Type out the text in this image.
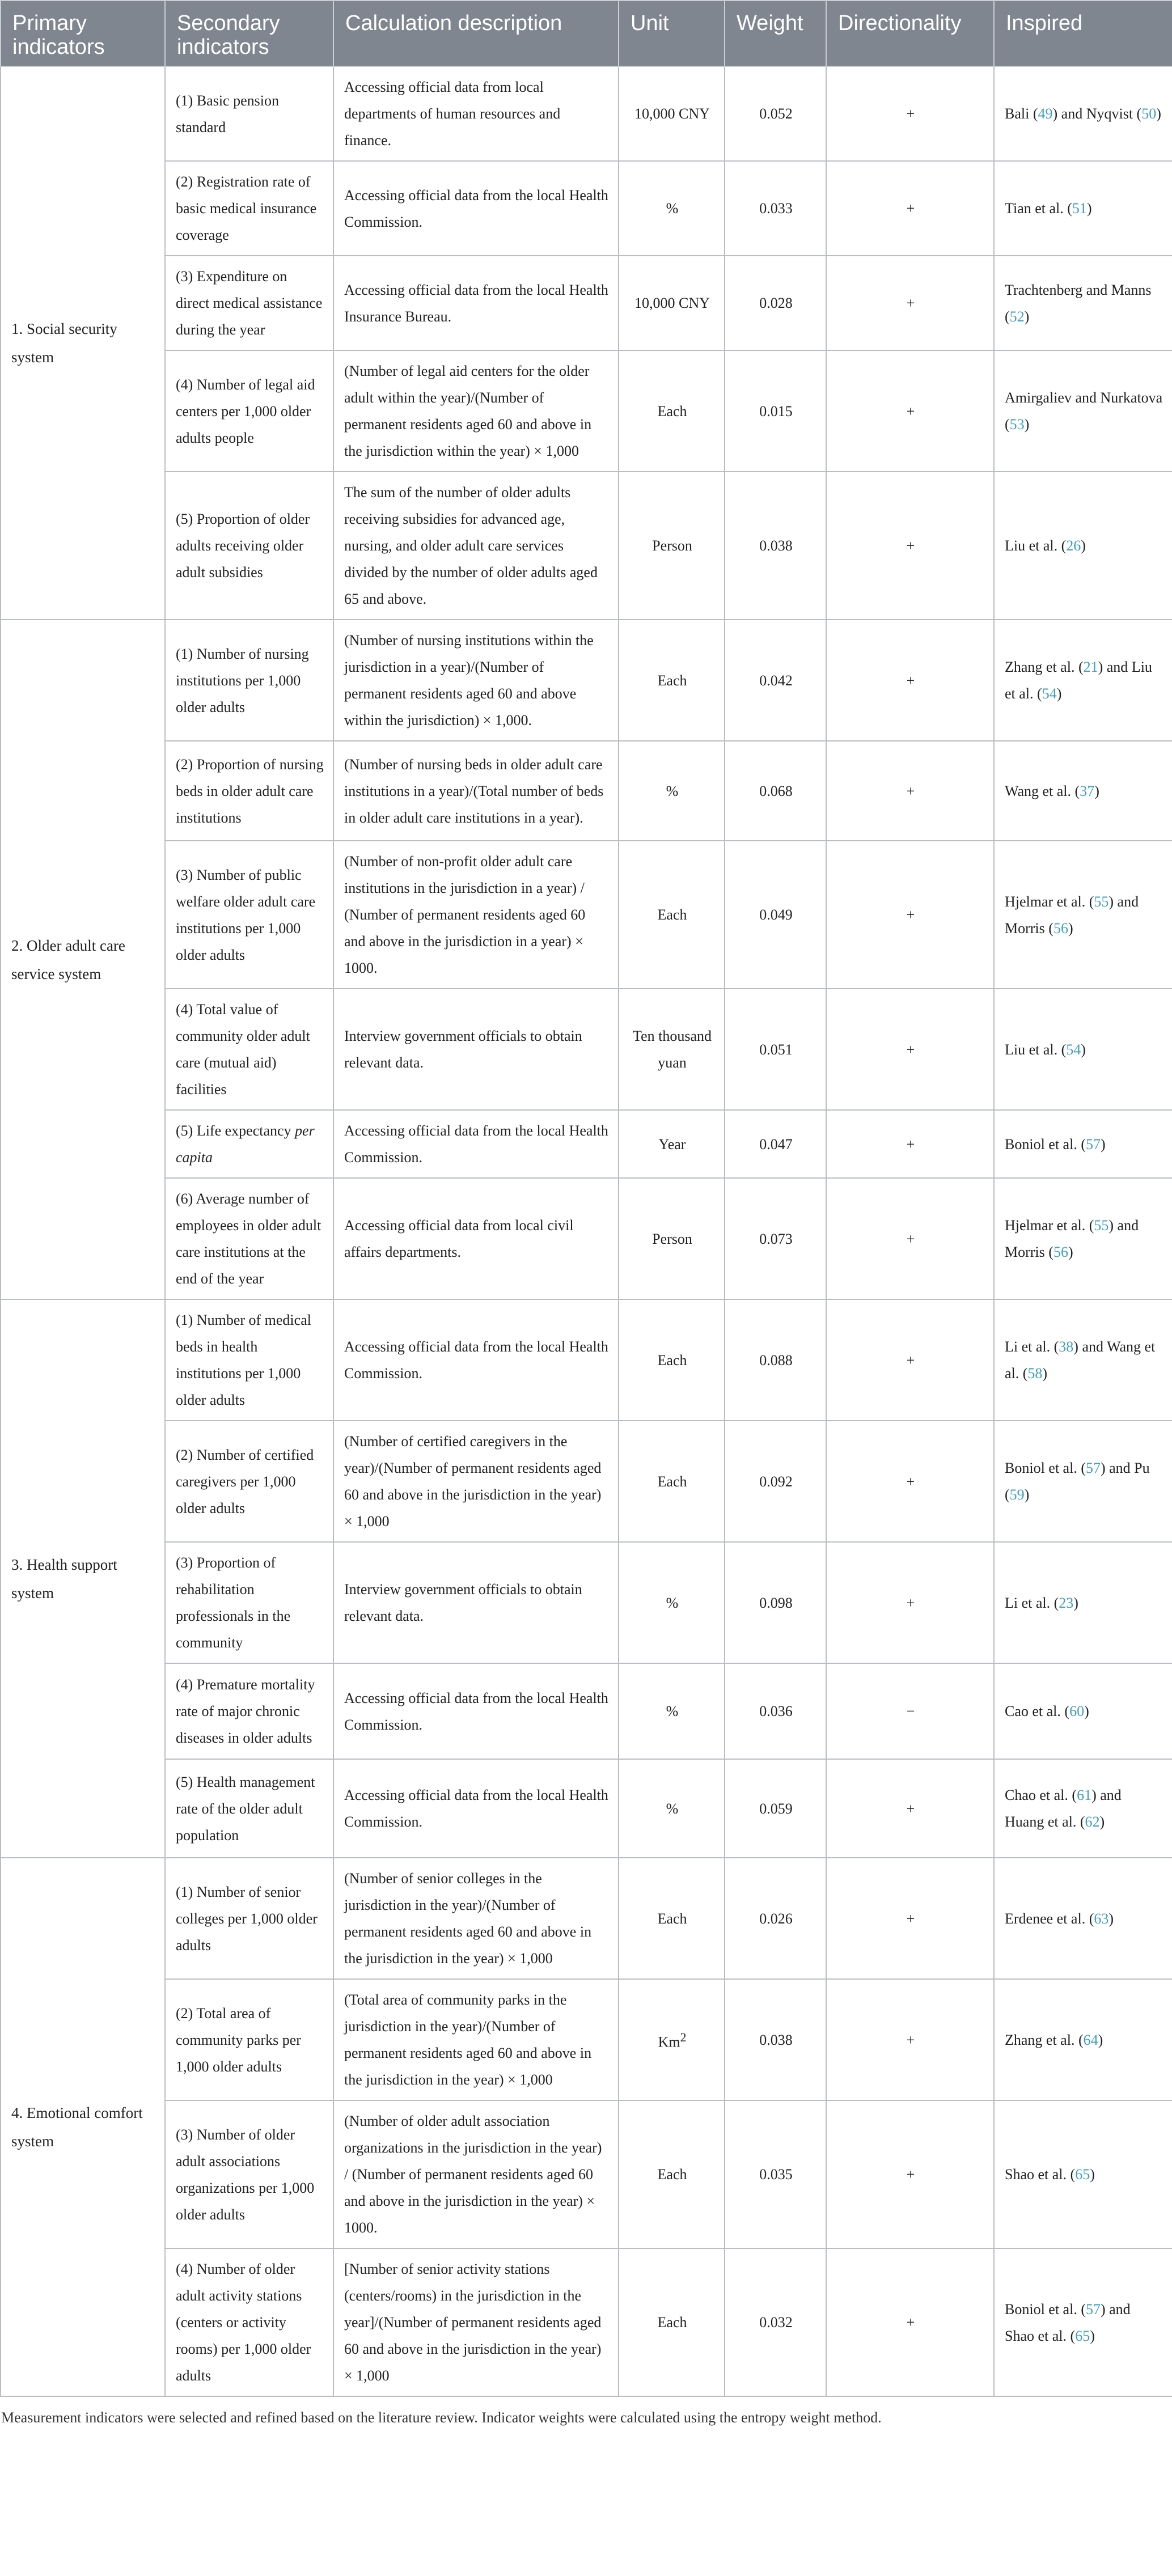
Primary indicators	Secondary indicators	Calculation description	Unit	Weight	Directionality	Inspired
1. Social security system	(1) Basic pension standard	Accessing official data from local departments of human resources and finance.	10,000 CNY	0.052	+	Bali (49) and Nyqvist (50)
	(2) Registration rate of basic medical insurance coverage	Accessing official data from the local Health Commission.	%	0.033	+	Tian et al. (51)
	(3) Expenditure on direct medical assistance during the year	Accessing official data from the local Health Insurance Bureau.	10,000 CNY	0.028	+	Trachtenberg and Manns (52)
	(4) Number of legal aid centers per 1,000 older adults people	(Number of legal aid centers for the older adult within the year)/(Number of permanent residents aged 60 and above in the jurisdiction within the year) × 1,000	Each	0.015	+	Amirgaliev and Nurkatova (53)
	(5) Proportion of older adults receiving older adult subsidies	The sum of the number of older adults receiving subsidies for advanced age, nursing, and older adult care services divided by the number of older adults aged 65 and above.	Person	0.038	+	Liu et al. (26)
2. Older adult care service system	(1) Number of nursing institutions per 1,000 older adults	(Number of nursing institutions within the jurisdiction in a year)/(Number of permanent residents aged 60 and above within the jurisdiction) × 1,000.	Each	0.042	+	Zhang et al. (21) and Liu et al. (54)
	(2) Proportion of nursing beds in older adult care institutions	(Number of nursing beds in older adult care institutions in a year)/(Total number of beds in older adult care institutions in a year).	%	0.068	+	Wang et al. (37)
	(3) Number of public welfare older adult care institutions per 1,000 older adults	(Number of non-profit older adult care institutions in the jurisdiction in a year) / (Number of permanent residents aged 60 and above in the jurisdiction in a year) × 1000.	Each	0.049	+	Hjelmar et al. (55) and Morris (56)
	(4) Total value of community older adult care (mutual aid) facilities	Interview government officials to obtain relevant data.	Ten thousand yuan	0.051	+	Liu et al. (54)
	(5) Life expectancy per capita	Accessing official data from the local Health Commission.	Year	0.047	+	Boniol et al. (57)
	(6) Average number of employees in older adult care institutions at the end of the year	Accessing official data from local civil affairs departments.	Person	0.073	+	Hjelmar et al. (55) and Morris (56)
3. Health support system	(1) Number of medical beds in health institutions per 1,000 older adults	Accessing official data from the local Health Commission.	Each	0.088	+	Li et al. (38) and Wang et al. (58)
	(2) Number of certified caregivers per 1,000 older adults	(Number of certified caregivers in the year)/(Number of permanent residents aged 60 and above in the jurisdiction in the year) × 1,000	Each	0.092	+	Boniol et al. (57) and Pu (59)
	(3) Proportion of rehabilitation professionals in the community	Interview government officials to obtain relevant data.	%	0.098	+	Li et al. (23)
	(4) Premature mortality rate of major chronic diseases in older adults	Accessing official data from the local Health Commission.	%	0.036	−	Cao et al. (60)
	(5) Health management rate of the older adult population	Accessing official data from the local Health Commission.	%	0.059	+	Chao et al. (61) and Huang et al. (62)
4. Emotional comfort system	(1) Number of senior colleges per 1,000 older adults	(Number of senior colleges in the jurisdiction in the year)/(Number of permanent residents aged 60 and above in the jurisdiction in the year) × 1,000	Each	0.026	+	Erdenee et al. (63)
	(2) Total area of community parks per 1,000 older adults	(Total area of community parks in the jurisdiction in the year)/(Number of permanent residents aged 60 and above in the jurisdiction in the year) × 1,000	Km$^2$	0.038	+	Zhang et al. (64)
	(3) Number of older adult associations organizations per 1,000 older adults	(Number of older adult association organizations in the jurisdiction in the year) / (Number of permanent residents aged 60 and above in the jurisdiction in the year) × 1000.	Each	0.035	+	Shao et al. (65)
	(4) Number of older adult activity stations (centers or activity rooms) per 1,000 older adults	[Number of senior activity stations (centers/rooms) in the jurisdiction in the year]/(Number of permanent residents aged 60 and above in the jurisdiction in the year) × 1,000	Each	0.032	+	Boniol et al. (57) and Shao et al. (65)
Measurement indicators were selected and refined based on the literature review. Indicator weights were calculated using the entropy weight method.
